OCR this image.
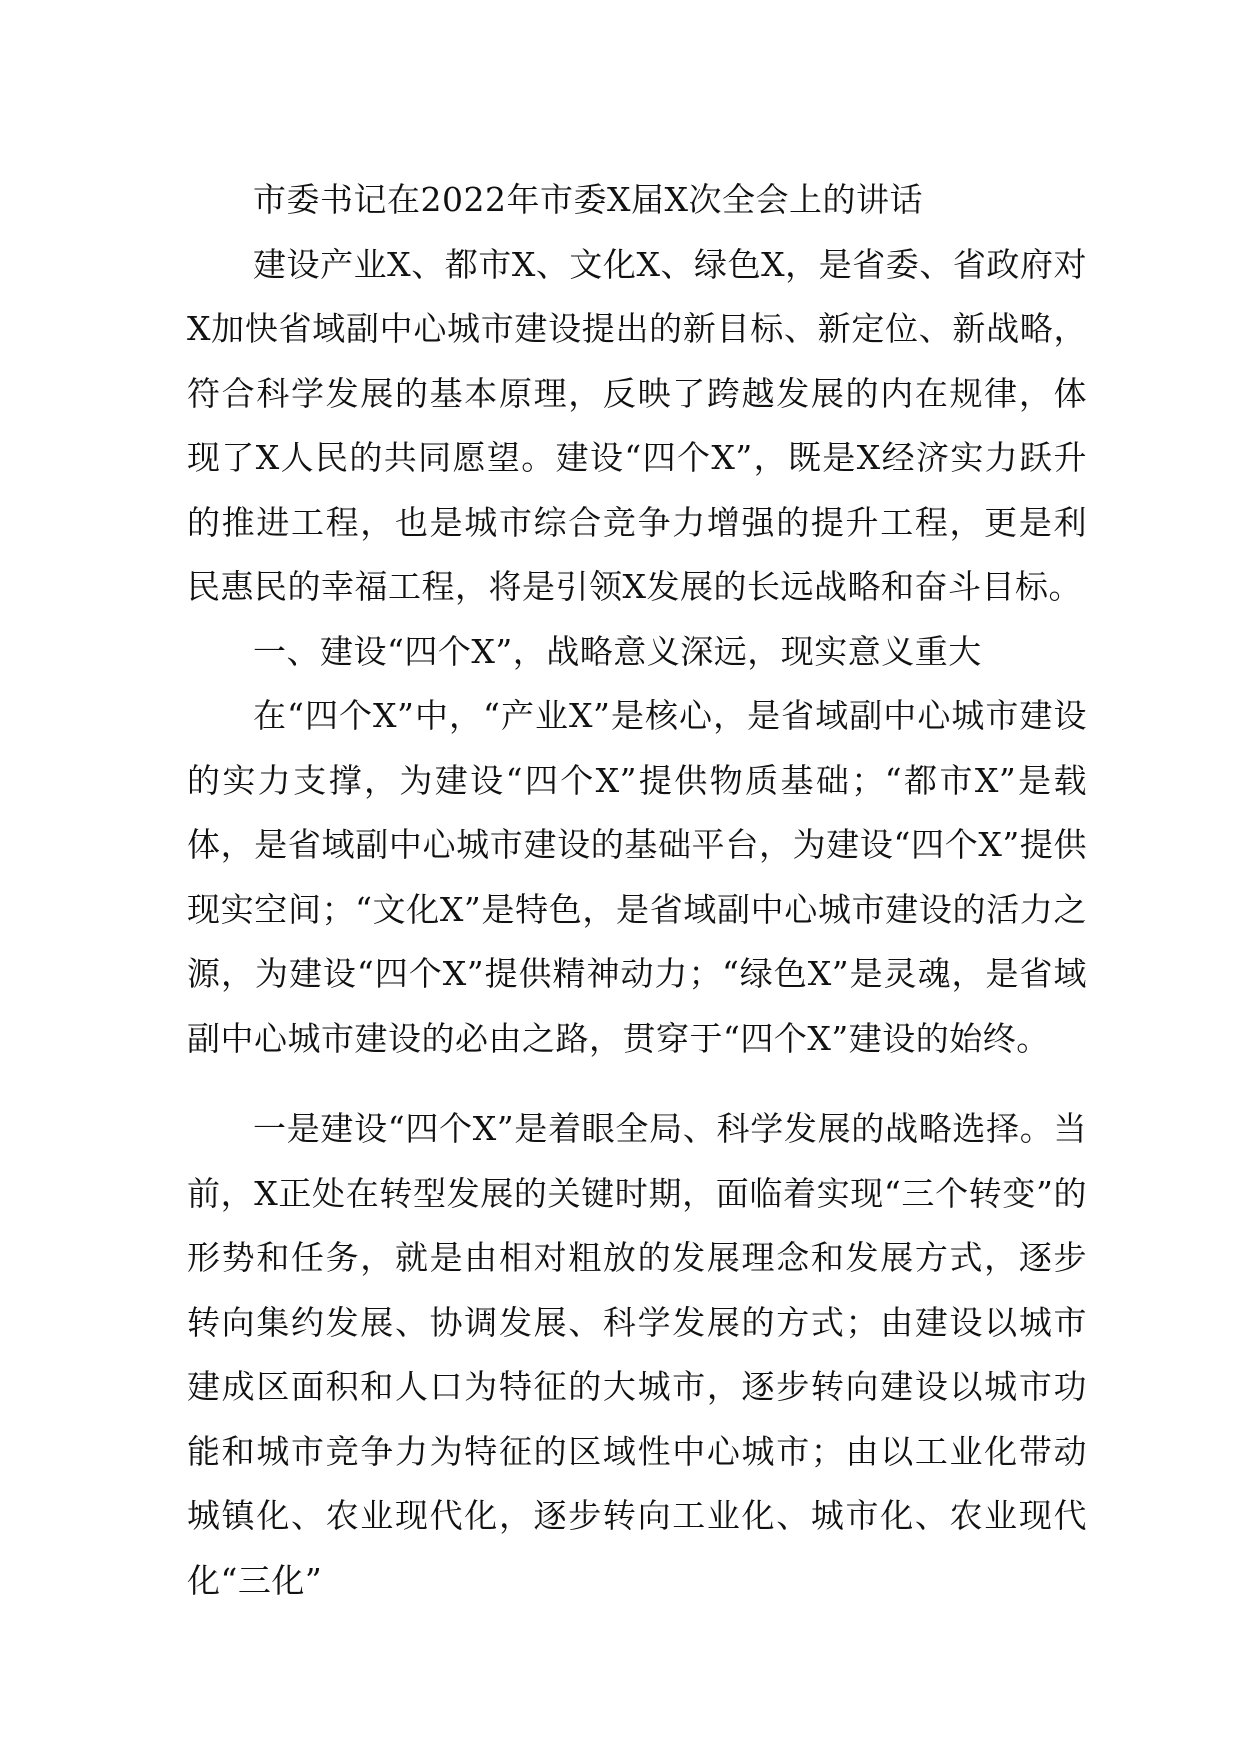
市委书记在2022年市委X届X次全会上的讲话

建设产业X、都市X、文化X、绿色X，是省委、省政府对X加快省域副中心城市建设提出的新目标、新定位、新战略，符合科学发展的基本原理，反映了跨越发展的内在规律，体现了X人民的共同愿望。建设“四个X”，既是X经济实力跃升的推进工程，也是城市综合竞争力增强的提升工程，更是利民惠民的幸福工程，将是引领X发展的长远战略和奋斗目标。

一、建设“四个X”，战略意义深远，现实意义重大

在“四个X”中，“产业X”是核心，是省域副中心城市建设的实力支撑，为建设“四个X”提供物质基础；“都市X”是载体，是省域副中心城市建设的基础平台，为建设“四个X”提供现实空间；“文化X”是特色，是省域副中心城市建设的活力之源，为建设“四个X”提供精神动力；“绿色X”是灵魂，是省域副中心城市建设的必由之路，贯穿于“四个X”建设的始终。

一是建设“四个X”是着眼全局、科学发展的战略选择。当前，X正处在转型发展的关键时期，面临着实现“三个转变”的形势和任务，就是由相对粗放的发展理念和发展方式，逐步转向集约发展、协调发展、科学发展的方式；由建设以城市建成区面积和人口为特征的大城市，逐步转向建设以城市功能和城市竞争力为特征的区域性中心城市；由以工业化带动城镇化、农业现代化，逐步转向工业化、城市化、农业现代化“三化”
